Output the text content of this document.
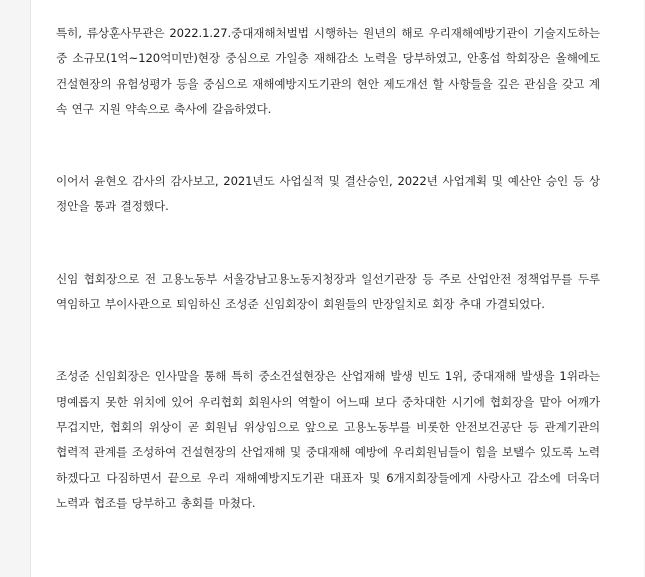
특히, 류상훈사무관은 2022.1.27.중대재해처벌법 시행하는 원년의 해로 우리재해예방기관이 기술지도하는 중 소규모(1억~120억미만)현장 중심으로 가일층 재해감소 노력을 당부하였고, 안홍섭 학회장은 올해에도 건설현장의 유험성평가 등을 중심으로 재해예방지도기관의 현안 제도개선 할 사항들을 깊은 관심을 갖고 계속 연구 지원 약속으로 축사에 갈음하였다.

이어서 윤현오 감사의 감사보고, 2021년도 사업실적 및 결산승인, 2022년 사업계획 및 예산안 승인 등 상정안을 통과 결정했다.

신임 협회장으로 전 고용노동부 서울강남고용노동지청장과 일선기관장 등 주로 산업안전 정책업무를 두루 역임하고 부이사관으로 퇴임하신 조성준 신임회장이 회원들의 만장일치로 회장 추대 가결되었다.

조성준 신임회장은 인사말을 통해 특히 중소건설현장은 산업재해 발생 빈도 1위, 중대재해 발생을 1위라는 명예롭지 못한 위치에 있어 우리협회 회원사의 역할이 어느때 보다 중차대한 시기에 협회장을 맡아 어깨가 무겁지만, 협회의 위상이 곧 회원님 위상임으로 앞으로 고용노동부를 비롯한 안전보건공단 등 관계기관의 협력적 관계를 조성하여 건설현장의 산업재해 및 중대재해 예방에 우리회원님들이 힘을 보탤수 있도록 노력하겠다고 다짐하면서 끝으로 우리 재해예방지도기관 대표자 및 6개지회장들에게 사랑사고 감소에 더욱더 노력과 협조를 당부하고 총회를 마쳤다.
